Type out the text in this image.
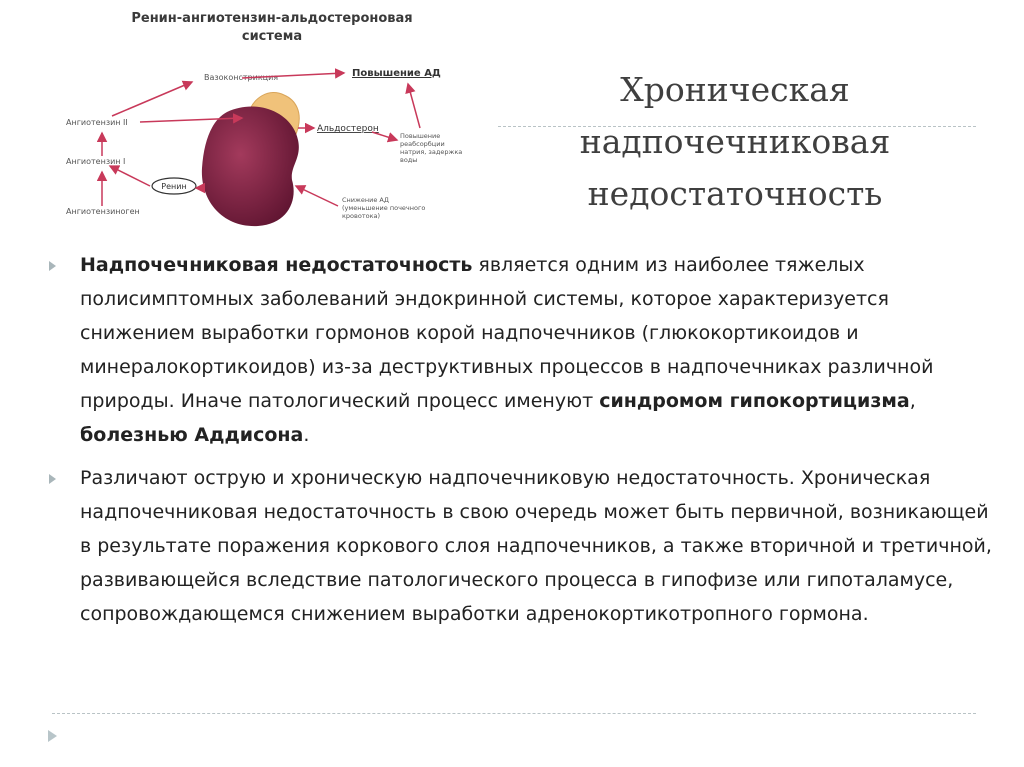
Ренин-ангиотензин-альдостероновая
система
Вазоконстрикция	Повышение АД
Ангиотензин II
Альдостерон
Повышение
реабсорбции
натрия, задержка
воды
Ангиотензин I
Ренин
Снижение АД
(уменьшение почечного
кровотока)
Ангиотензиноген
Хроническая
надпочечниковая
недостаточность
Надпочечниковая недостаточность является одним из наиболее тяжелых полисимптомных заболеваний эндокринной системы, которое характеризуется снижением выработки гормонов корой надпочечников (глюкокортикоидов и минералокортикоидов) из-за деструктивных процессов в надпочечниках различной природы. Иначе патологический процесс именуют синдромом гипокортицизма, болезнью Аддисона.
Различают острую и хроническую надпочечниковую недостаточность. Хроническая надпочечниковая недостаточность в свою очередь может быть первичной, возникающей в результате поражения коркового слоя надпочечников, а также вторичной и третичной, развивающейся вследствие патологического процесса в гипофизе или гипоталамусе, сопровождающемся снижением выработки адренокортикотропного гормона.
